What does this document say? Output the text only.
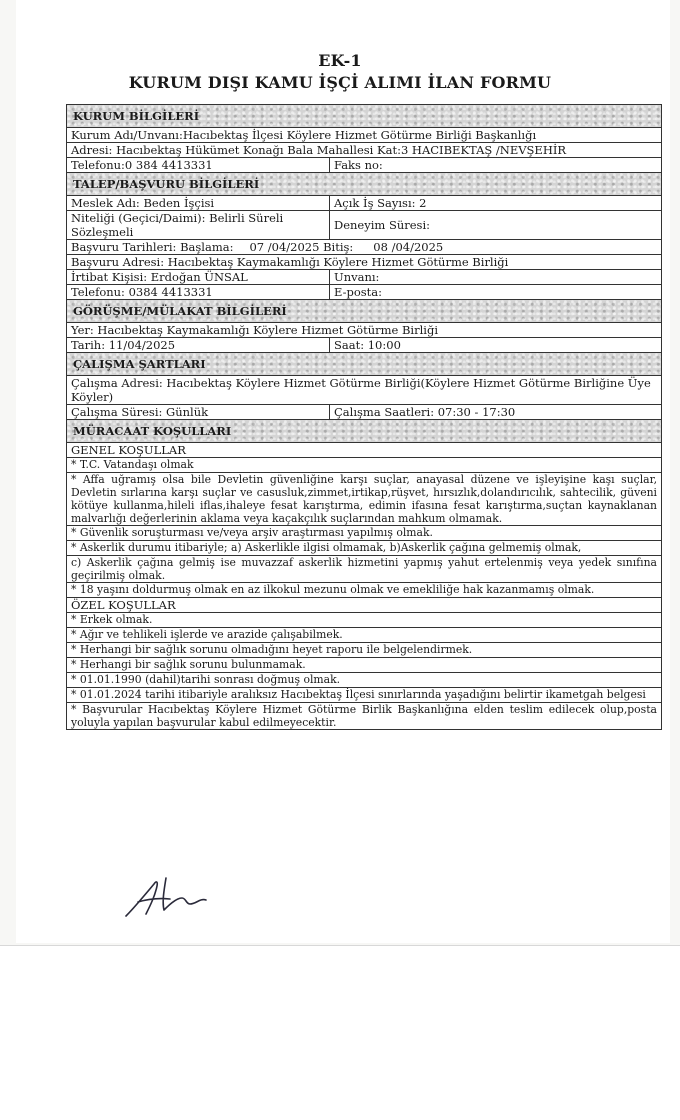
EK-1
KURUM DIŞI KAMU İŞÇİ ALIMI İLAN FORMU
KURUM BİLGİLERİ
Kurum Adı/Unvanı:Hacıbektaş İlçesi Köylere Hizmet Götürme Birliği Başkanlığı
Adresi: Hacıbektaş Hükümet Konağı Bala Mahallesi Kat:3 HACIBEKTAŞ /NEVŞEHİR
Telefonu:0 384 4413331	Faks no:
TALEP/BAŞVURU BİLGİLERİ
Meslek Adı: Beden İşçisi	Açık İş Sayısı: 2
Niteliği (Geçici/Daimi): Belirli Süreli Sözleşmeli	Deneyim Süresi:
Başvuru Tarihleri: Başlama: 07 /04/2025 Bitiş: 08 /04/2025
Başvuru Adresi: Hacıbektaş Kaymakamlığı Köylere Hizmet Götürme Birliği
İrtibat Kişisi: Erdoğan ÜNSAL	Unvanı:
Telefonu: 0384 4413331	E-posta:
GÖRÜŞME/MÜLAKAT BİLGİLERİ
Yer: Hacıbektaş Kaymakamlığı Köylere Hizmet Götürme Birliği
Tarih: 11/04/2025	Saat: 10:00
ÇALIŞMA ŞARTLARI
Çalışma Adresi: Hacıbektaş Köylere Hizmet Götürme Birliği(Köylere Hizmet Götürme Birliğine Üye Köyler)
Çalışma Süresi: Günlük	Çalışma Saatleri: 07:30 - 17:30
MÜRACAAT KOŞULLARI
GENEL KOŞULLAR
* T.C. Vatandaşı olmak
* Affa uğramış olsa bile Devletin güvenliğine karşı suçlar, anayasal düzene ve işleyişine kaşı suçlar, Devletin sırlarına karşı suçlar ve casusluk,zimmet,irtikap,rüşvet, hırsızlık,dolandırıcılık, sahtecilik, güveni kötüye kullanma,hileli iflas,ihaleye fesat karıştırma, edimin ifasına fesat karıştırma,suçtan kaynaklanan malvarlığı değerlerinin aklama veya kaçakçılık suçlarından mahkum olmamak.
* Güvenlik soruşturması ve/veya arşiv araştırması yapılmış olmak.
* Askerlik durumu itibariyle; a) Askerlikle ilgisi olmamak, b)Askerlik çağına gelmemiş olmak,
c) Askerlik çağına gelmiş ise muvazzaf askerlik hizmetini yapmış yahut ertelenmiş veya yedek sınıfına geçirilmiş olmak.
* 18 yaşını doldurmuş olmak en az ilkokul mezunu olmak ve emekliliğe hak kazanmamış olmak.
ÖZEL KOŞULLAR
* Erkek olmak.
* Ağır ve tehlikeli işlerde ve arazide çalışabilmek.
* Herhangi bir sağlık sorunu olmadığını heyet raporu ile belgelendirmek.
* Herhangi bir sağlık sorunu bulunmamak.
* 01.01.1990 (dahil)tarihi sonrası doğmuş olmak.
* 01.01.2024 tarihi itibariyle aralıksız Hacıbektaş İlçesi sınırlarında yaşadığını belirtir ikametgah belgesi
* Başvurular Hacıbektaş Köylere Hizmet Götürme Birlik Başkanlığına elden teslim edilecek olup,posta yoluyla yapılan başvurular kabul edilmeyecektir.
